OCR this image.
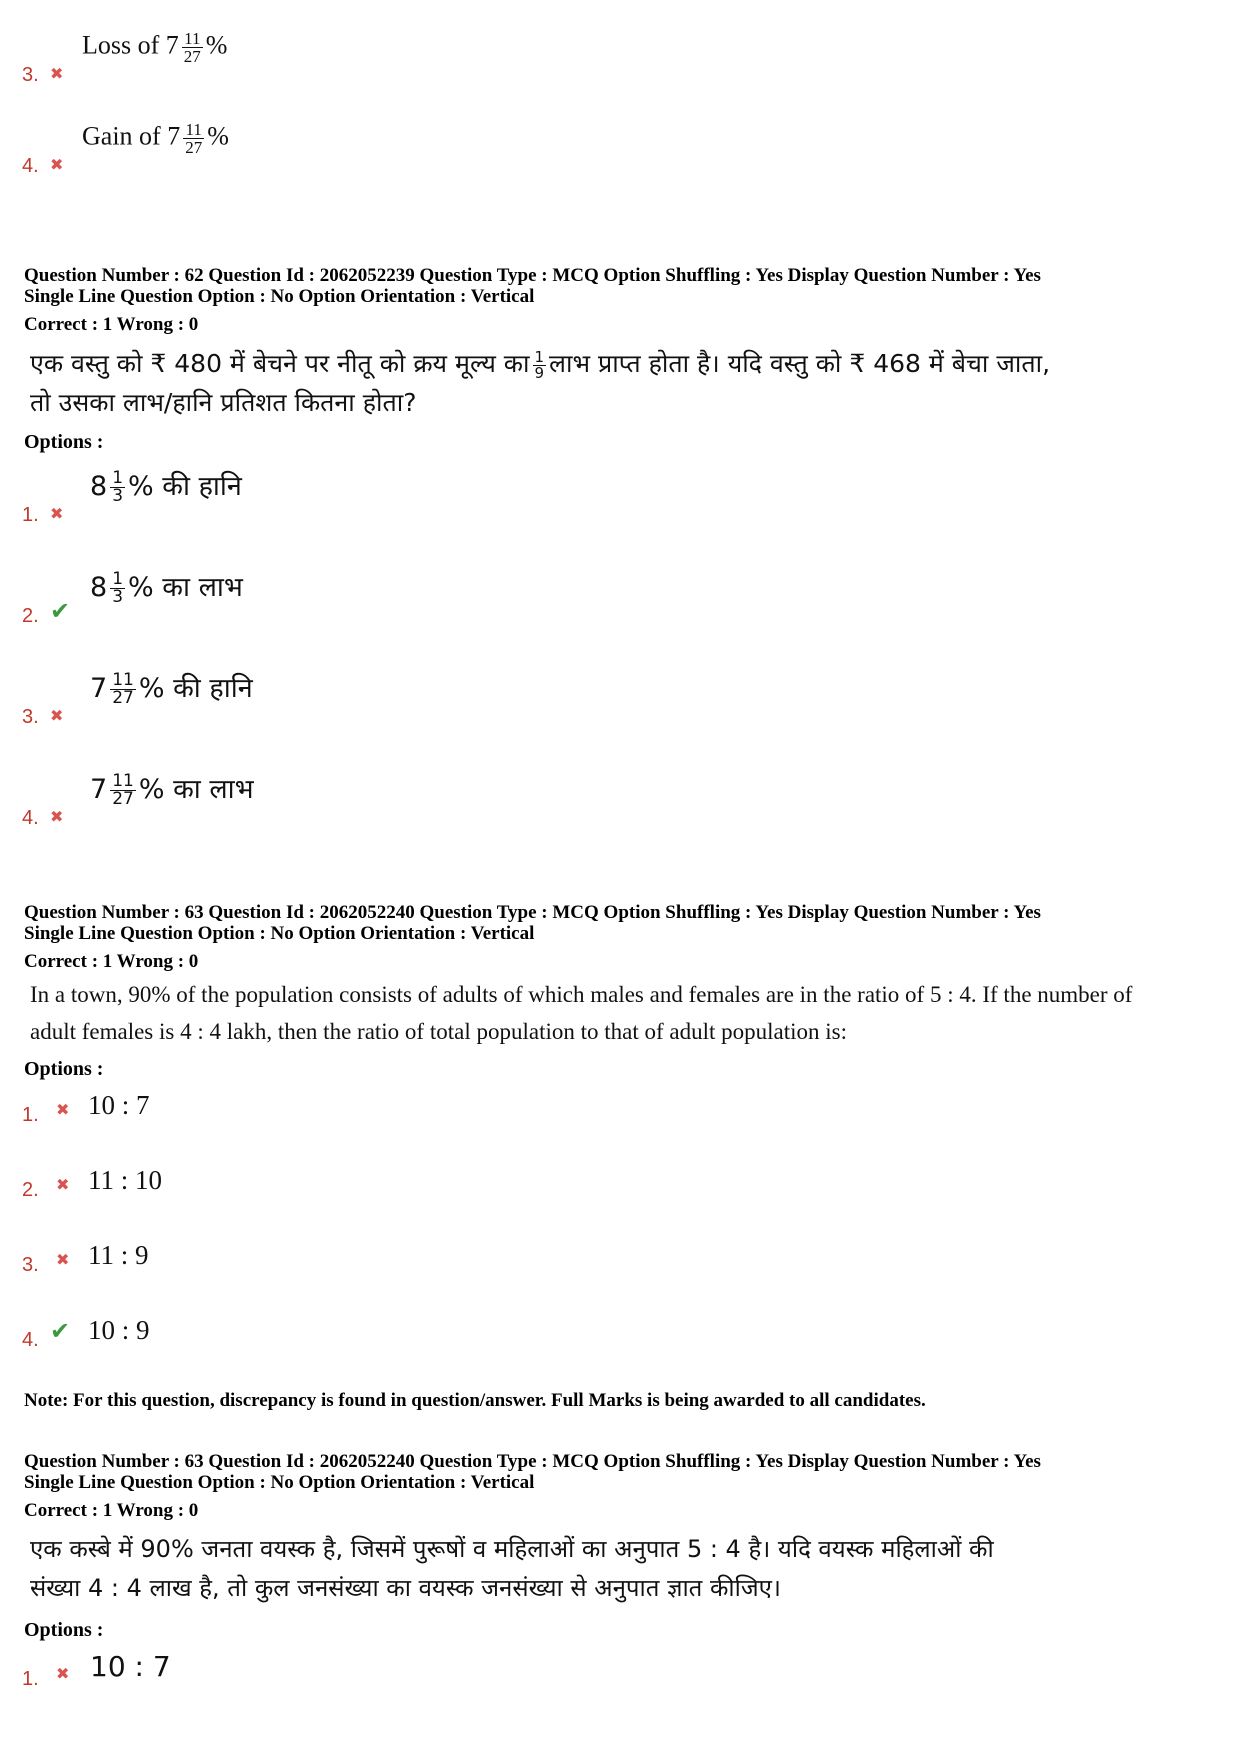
3. ✖
Loss of $7 \frac{11}{27}$ %
4. ✖
Gain of $7 \frac{11}{27}$ %
Question Number : 62 Question Id : 2062052239 Question Type : MCQ Option Shuffling : Yes Display Question Number : Yes
Single Line Question Option : No Option Orientation : Vertical
Correct : 1 Wrong : 0
एक वस्तु को ₹ 480 में बेचने पर नीतू को क्रय मूल्य का $\frac{1}{9}$ लाभ प्राप्त होता है। यदि वस्तु को ₹ 468 में बेचा जाता,
तो उसका लाभ/हानि प्रतिशत कितना होता?
Options :
1. ✖
$8 \frac{1}{3}$ % की हानि
2. ✔
$8 \frac{1}{3}$ % का लाभ
3. ✖
$7 \frac{11}{27}$ % की हानि
4. ✖
$7 \frac{11}{27}$ % का लाभ
Question Number : 63 Question Id : 2062052240 Question Type : MCQ Option Shuffling : Yes Display Question Number : Yes
Single Line Question Option : No Option Orientation : Vertical
Correct : 1 Wrong : 0
In a town, 90% of the population consists of adults of which males and females are in the ratio of 5 : 4. If the number of
adult females is 4 : 4 lakh, then the ratio of total population to that of adult population is:
Options :
1. ✖ 10 : 7
2. ✖ 11 : 10
3. ✖ 11 : 9
4. ✔ 10 : 9
Note: For this question, discrepancy is found in question/answer. Full Marks is being awarded to all candidates.
Question Number : 63 Question Id : 2062052240 Question Type : MCQ Option Shuffling : Yes Display Question Number : Yes
Single Line Question Option : No Option Orientation : Vertical
Correct : 1 Wrong : 0
एक कस्बे में 90% जनता वयस्क है, जिसमें पुरूषों व महिलाओं का अनुपात 5 : 4 है। यदि वयस्क महिलाओं की
संख्या 4 : 4 लाख है, तो कुल जनसंख्या का वयस्क जनसंख्या से अनुपात ज्ञात कीजिए।
Options :
1. ✖ 10 : 7
